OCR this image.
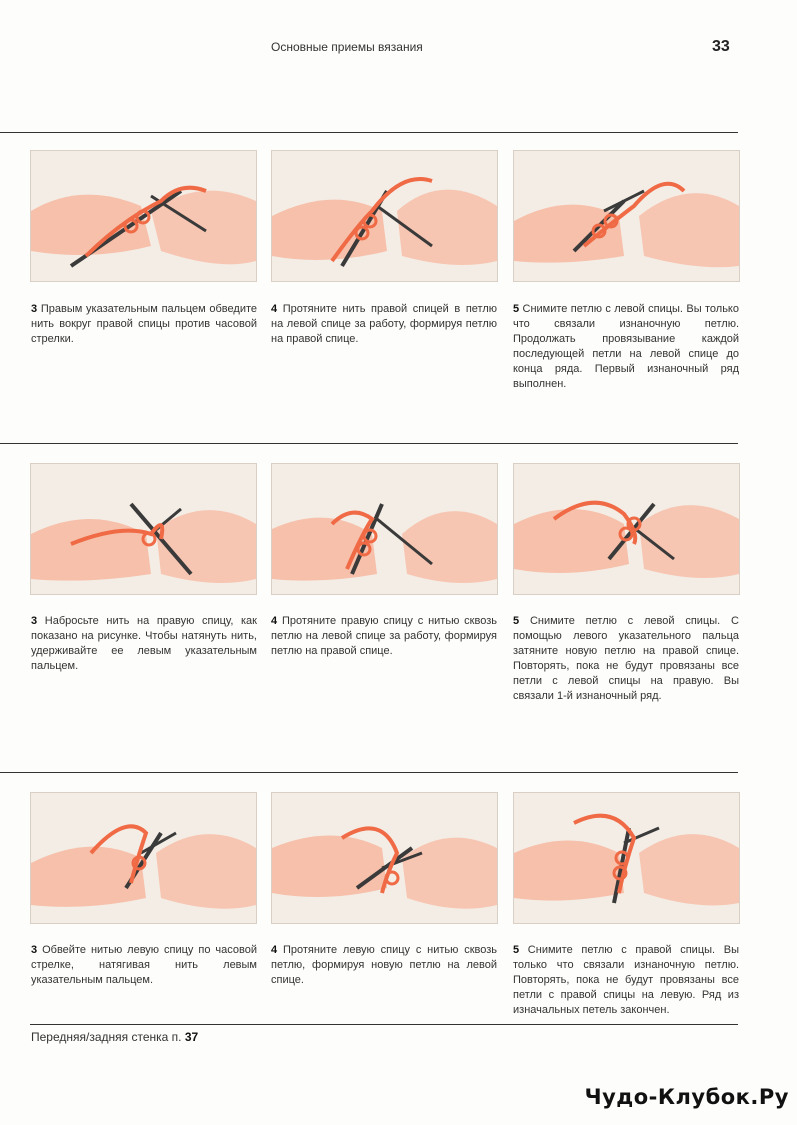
Основные приемы вязания	33

3 Правым указательным пальцем обведите нить вокруг правой спицы против часовой стрелки.

4 Протяните нить правой спицей в петлю на левой спице за работу, формируя петлю на правой спице.

5 Снимите петлю с левой спицы. Вы только что связали изнаночную петлю. Продолжать провязывание каждой последующей петли на левой спице до конца ряда. Первый изнаночный ряд выполнен.

3 Набросьте нить на правую спицу, как показано на рисунке. Чтобы натянуть нить, удерживайте ее левым указательным пальцем.

4 Протяните правую спицу с нитью сквозь петлю на левой спице за работу, формируя петлю на правой спице.

5 Снимите петлю с левой спицы. С помощью левого указательного пальца затяните новую петлю на правой спице. Повторять, пока не будут провязаны все петли с левой спицы на правую. Вы связали 1-й изнаночный ряд.

3 Обвейте нитью левую спицу по часовой стрелке, натягивая нить левым указательным пальцем.

4 Протяните левую спицу с нитью сквозь петлю, формируя новую петлю на левой спице.

5 Снимите петлю с правой спицы. Вы только что связали изнаночную петлю. Повторять, пока не будут провязаны все петли с правой спицы на левую. Ряд из изначальных петель закончен.

Передняя/задняя стенка п. 37
Чудо-Клубок.Ру
